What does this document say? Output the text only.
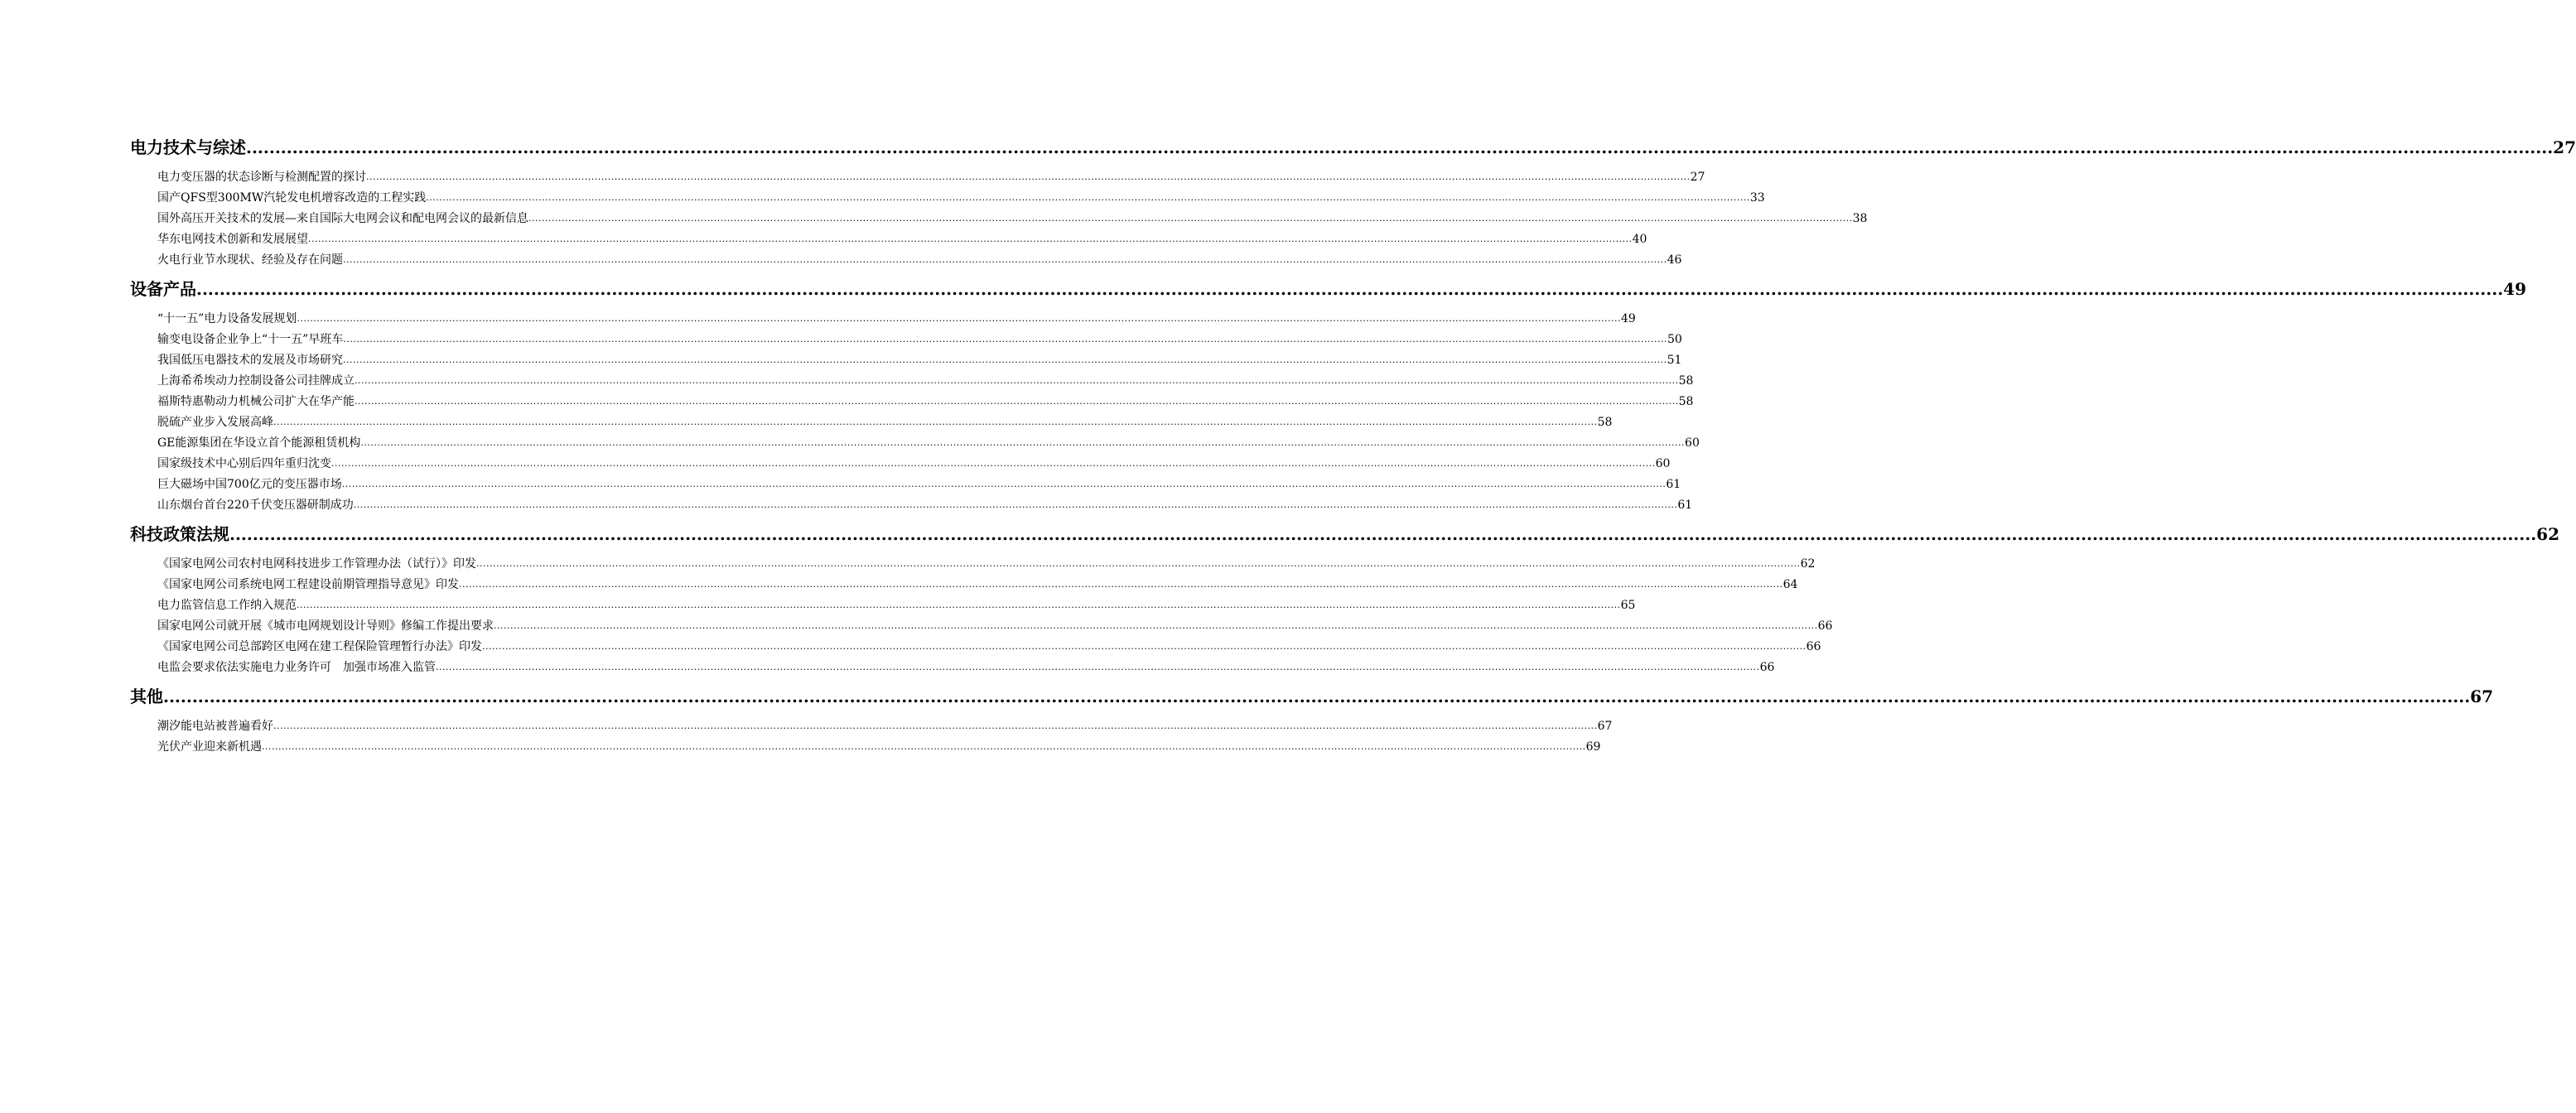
电力技术与综述 ................................................................................................................................................................................................................................................................................................................................................................................................................ 27
电力变压器的状态诊断与检测配置的探讨 ................................................................................................................................................................................................................................................................................................................................................................................................................ 27
国产QFS型300MW汽轮发电机增容改造的工程实践 ................................................................................................................................................................................................................................................................................................................................................................................................................ 33
国外高压开关技术的发展—来自国际大电网会议和配电网会议的最新信息 ................................................................................................................................................................................................................................................................................................................................................................................................................ 38
华东电网技术创新和发展展望 ................................................................................................................................................................................................................................................................................................................................................................................................................ 40
火电行业节水现状、经验及存在问题 ................................................................................................................................................................................................................................................................................................................................................................................................................ 46
设备产品 ................................................................................................................................................................................................................................................................................................................................................................................................................ 49
“十一五”电力设备发展规划 ................................................................................................................................................................................................................................................................................................................................................................................................................ 49
输变电设备企业争上“十一五”早班车 ................................................................................................................................................................................................................................................................................................................................................................................................................ 50
我国低压电器技术的发展及市场研究 ................................................................................................................................................................................................................................................................................................................................................................................................................ 51
上海希希埃动力控制设备公司挂牌成立 ................................................................................................................................................................................................................................................................................................................................................................................................................ 58
福斯特惠勒动力机械公司扩大在华产能 ................................................................................................................................................................................................................................................................................................................................................................................................................ 58
脱硫产业步入发展高峰 ................................................................................................................................................................................................................................................................................................................................................................................................................ 58
GE能源集团在华设立首个能源租赁机构 ................................................................................................................................................................................................................................................................................................................................................................................................................ 60
国家级技术中心别后四年重归沈变 ................................................................................................................................................................................................................................................................................................................................................................................................................ 60
巨大磁场中国700亿元的变压器市场 ................................................................................................................................................................................................................................................................................................................................................................................................................ 61
山东烟台首台220千伏变压器研制成功 ................................................................................................................................................................................................................................................................................................................................................................................................................ 61
科技政策法规 ................................................................................................................................................................................................................................................................................................................................................................................................................ 62
《国家电网公司农村电网科技进步工作管理办法（试行）》印发 ................................................................................................................................................................................................................................................................................................................................................................................................................ 62
《国家电网公司系统电网工程建设前期管理指导意见》印发 ................................................................................................................................................................................................................................................................................................................................................................................................................ 64
电力监管信息工作纳入规范 ................................................................................................................................................................................................................................................................................................................................................................................................................ 65
国家电网公司就开展《城市电网规划设计导则》修编工作提出要求 ................................................................................................................................................................................................................................................................................................................................................................................................................ 66
《国家电网公司总部跨区电网在建工程保险管理暂行办法》印发 ................................................................................................................................................................................................................................................................................................................................................................................................................ 66
电监会要求依法实施电力业务许可　加强市场准入监管 ................................................................................................................................................................................................................................................................................................................................................................................................................ 66
其他 ................................................................................................................................................................................................................................................................................................................................................................................................................ 67
潮汐能电站被普遍看好 ................................................................................................................................................................................................................................................................................................................................................................................................................ 67
光伏产业迎来新机遇 ................................................................................................................................................................................................................................................................................................................................................................................................................ 69
